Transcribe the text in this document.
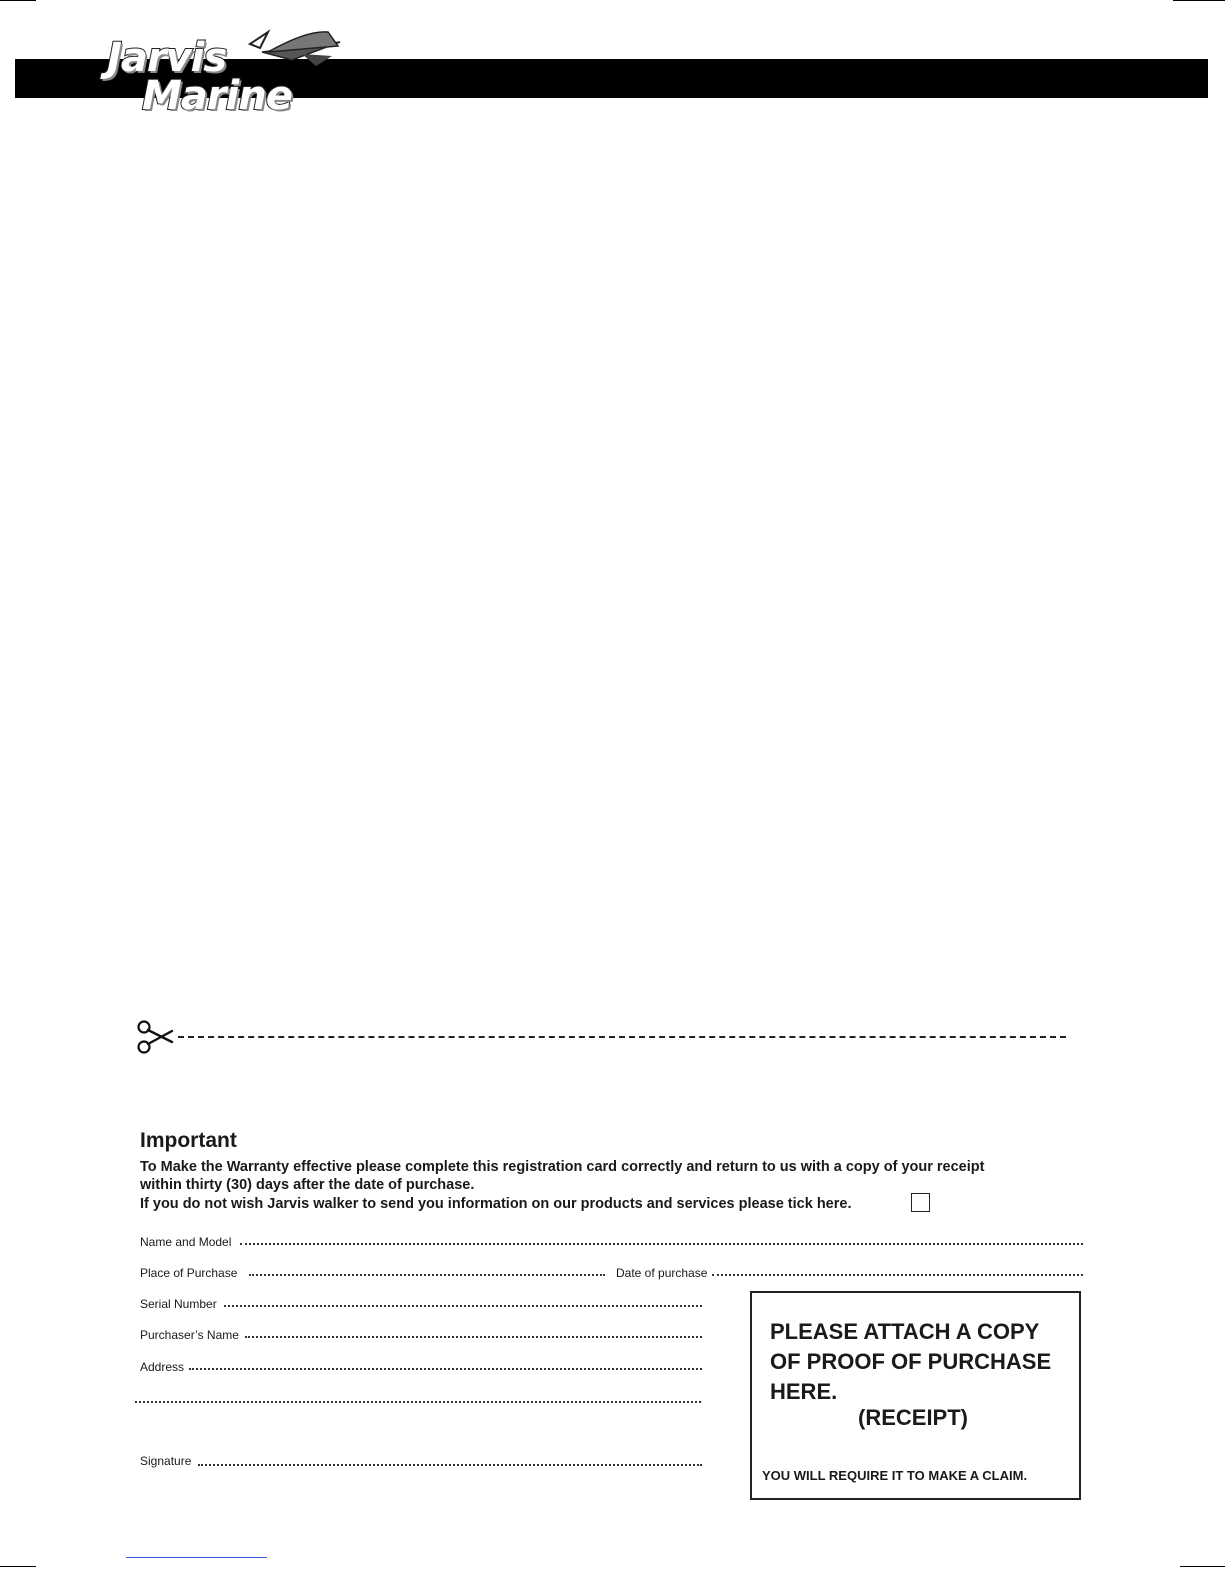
Jarvis
Marine ®
Important
To Make the Warranty effective please complete this registration card correctly and return to us with a copy of your receipt
within thirty (30) days after the date of purchase.
If you do not wish Jarvis walker to send you information on our products and services please tick here.
Name and Model
Place of Purchase	Date of purchase
Serial Number
Purchaser’s Name
Address
Signature
PLEASE ATTACH A COPY
OF PROOF OF PURCHASE
HERE.
(RECEIPT)
YOU WILL REQUIRE IT TO MAKE A CLAIM.
